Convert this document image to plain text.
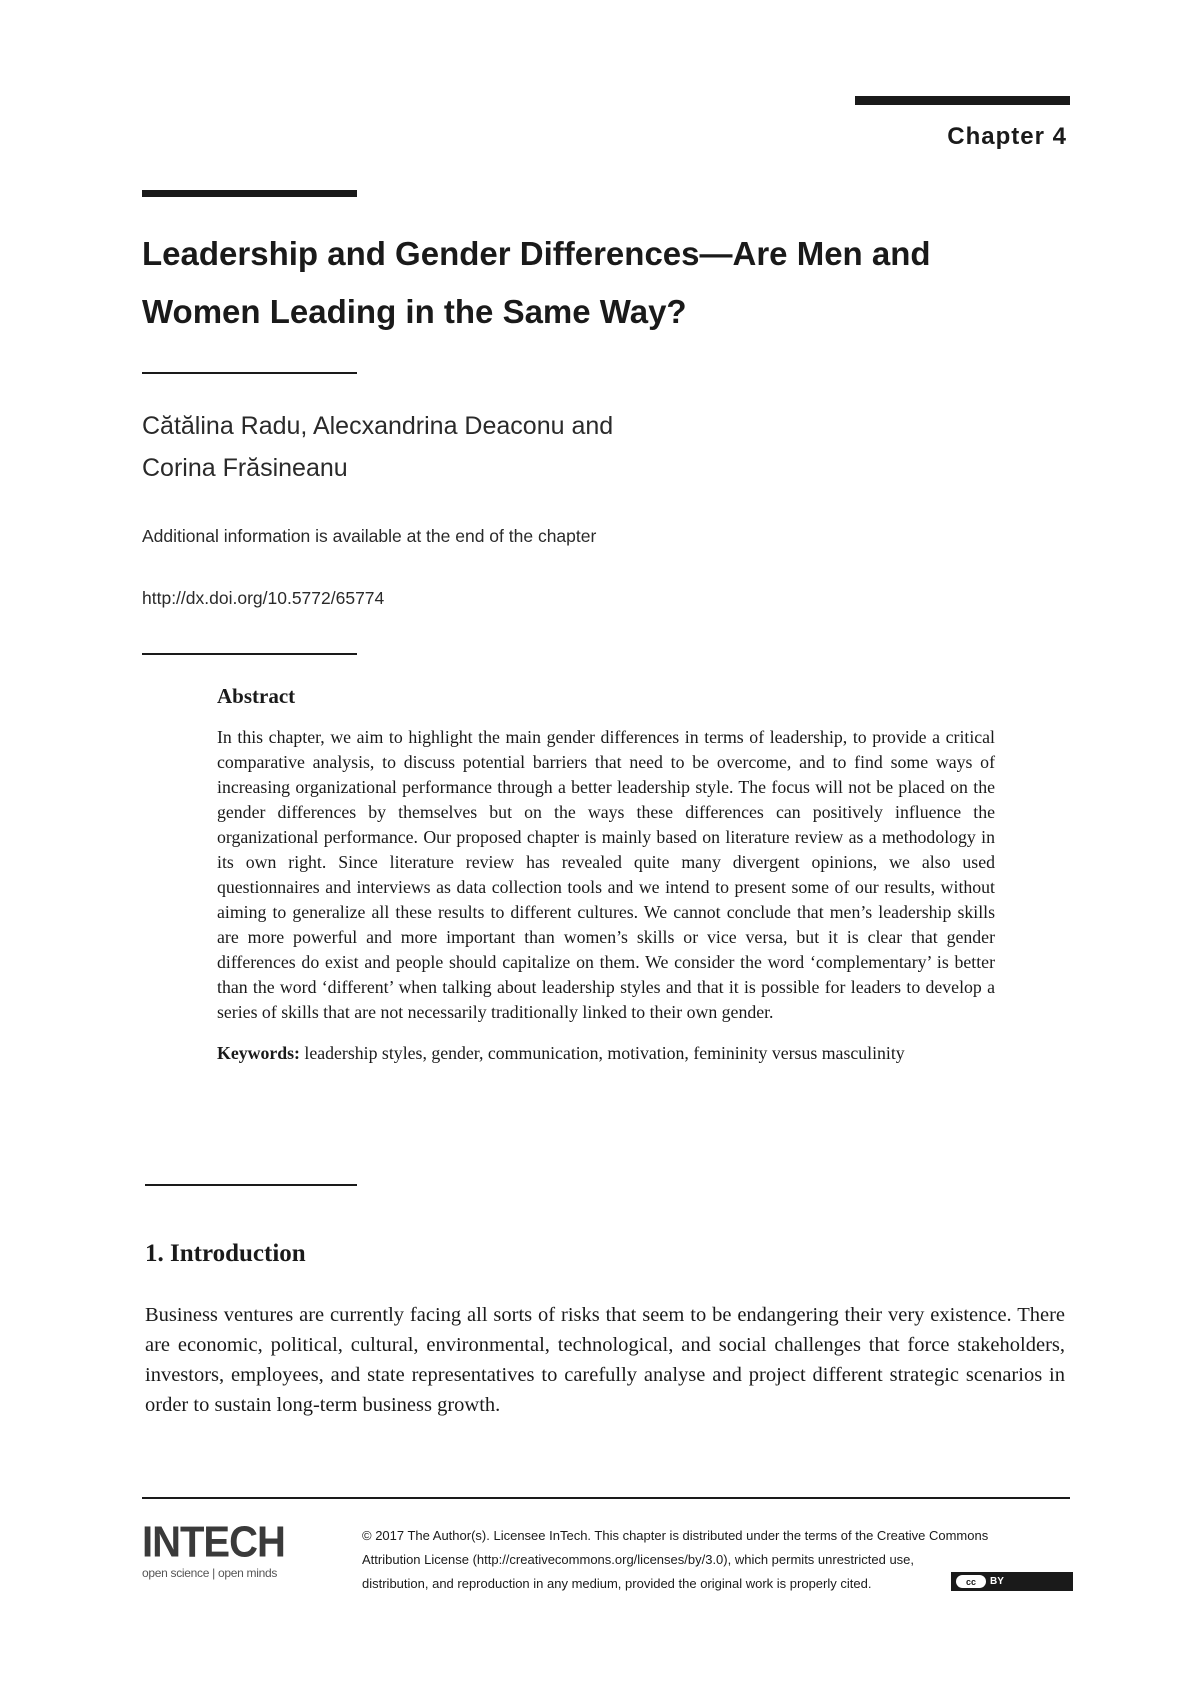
Chapter 4
Leadership and Gender Differences—Are Men and
Women Leading in the Same Way?
Cătălina Radu, Alecxandrina Deaconu and
Corina Frăsineanu
Additional information is available at the end of the chapter
http://dx.doi.org/10.5772/65774
Abstract

In this chapter, we aim to highlight the main gender differences in terms of leadership, to provide a critical comparative analysis, to discuss potential barriers that need to be overcome, and to find some ways of increasing organizational performance through a better leadership style. The focus will not be placed on the gender differences by themselves but on the ways these differences can positively influence the organizational performance. Our proposed chapter is mainly based on literature review as a methodology in its own right. Since literature review has revealed quite many divergent opinions, we also used questionnaires and interviews as data collection tools and we intend to present some of our results, without aiming to generalize all these results to different cultures. We cannot conclude that men’s leadership skills are more powerful and more important than women’s skills or vice versa, but it is clear that gender differences do exist and people should capitalize on them. We consider the word ‘complementary’ is better than the word ‘different’ when talking about leadership styles and that it is possible for leaders to develop a series of skills that are not necessarily traditionally linked to their own gender.

Keywords: leadership styles, gender, communication, motivation, femininity versus masculinity
1. Introduction

Business ventures are currently facing all sorts of risks that seem to be endangering their very existence. There are economic, political, cultural, environmental, technological, and social challenges that force stakeholders, investors, employees, and state representatives to carefully analyse and project different strategic scenarios in order to sustain long-term business growth.

INTECH
open science | open minds
© 2017 The Author(s). Licensee InTech. This chapter is distributed under the terms of the Creative Commons
Attribution License (http://creativecommons.org/licenses/by/3.0), which permits unrestricted use,
distribution, and reproduction in any medium, provided the original work is properly cited.	cc	BY
